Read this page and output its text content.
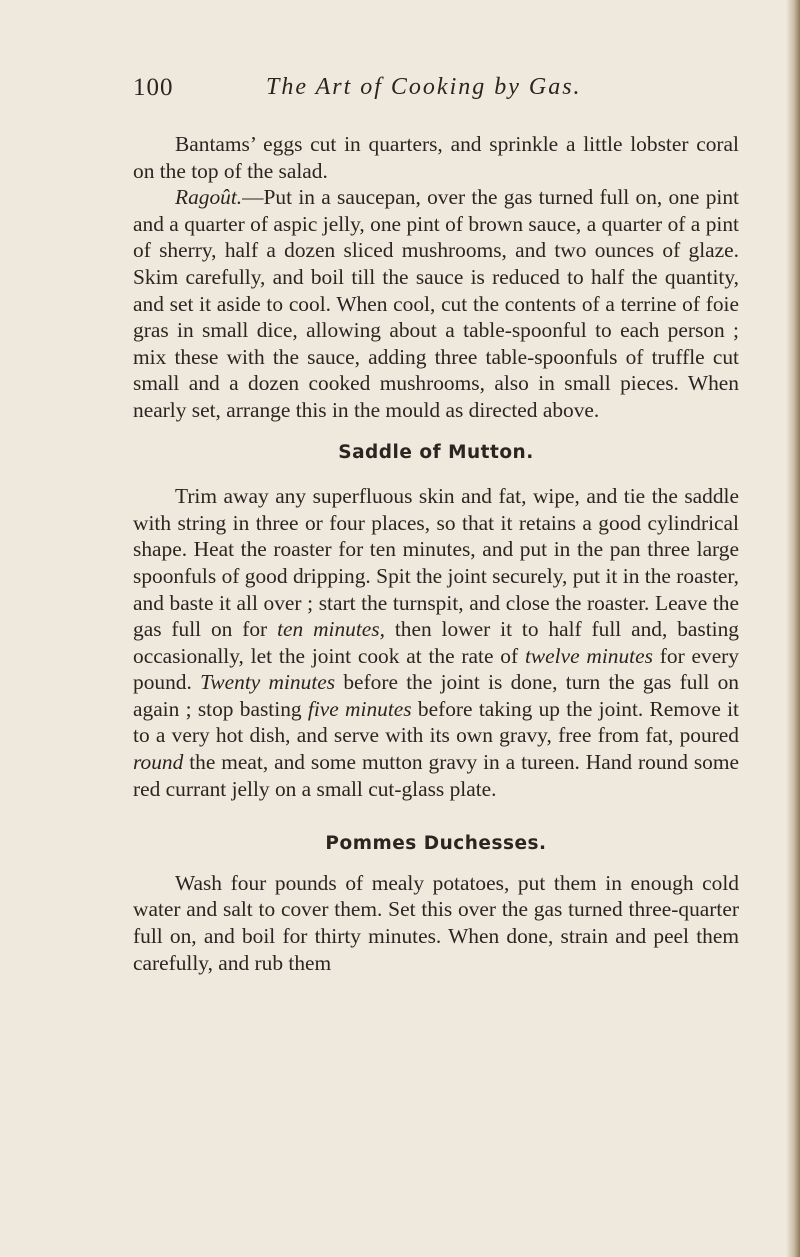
100	The Art of Cooking by Gas.

Bantams’ eggs cut in quarters, and sprinkle a little lobster coral on the top of the salad.

Ragoût.—Put in a saucepan, over the gas turned full on, one pint and a quarter of aspic jelly, one pint of brown sauce, a quarter of a pint of sherry, half a dozen sliced mushrooms, and two ounces of glaze. Skim carefully, and boil till the sauce is reduced to half the quantity, and set it aside to cool. When cool, cut the contents of a terrine of foie gras in small dice, allowing about a table-spoonful to each person ; mix these with the sauce, adding three table-spoonfuls of truffle cut small and a dozen cooked mushrooms, also in small pieces. When nearly set, arrange this in the mould as directed above.

Saddle of Mutton.

Trim away any superfluous skin and fat, wipe, and tie the saddle with string in three or four places, so that it retains a good cylindrical shape. Heat the roaster for ten minutes, and put in the pan three large spoonfuls of good dripping. Spit the joint securely, put it in the roaster, and baste it all over ; start the turnspit, and close the roaster. Leave the gas full on for ten minutes, then lower it to half full and, basting occasionally, let the joint cook at the rate of twelve minutes for every pound. Twenty minutes before the joint is done, turn the gas full on again ; stop basting five minutes before taking up the joint. Remove it to a very hot dish, and serve with its own gravy, free from fat, poured round the meat, and some mutton gravy in a tureen. Hand round some red currant jelly on a small cut-glass plate.

Pommes Duchesses.

Wash four pounds of mealy potatoes, put them in enough cold water and salt to cover them. Set this over the gas turned three-quarter full on, and boil for thirty minutes. When done, strain and peel them carefully, and rub them
